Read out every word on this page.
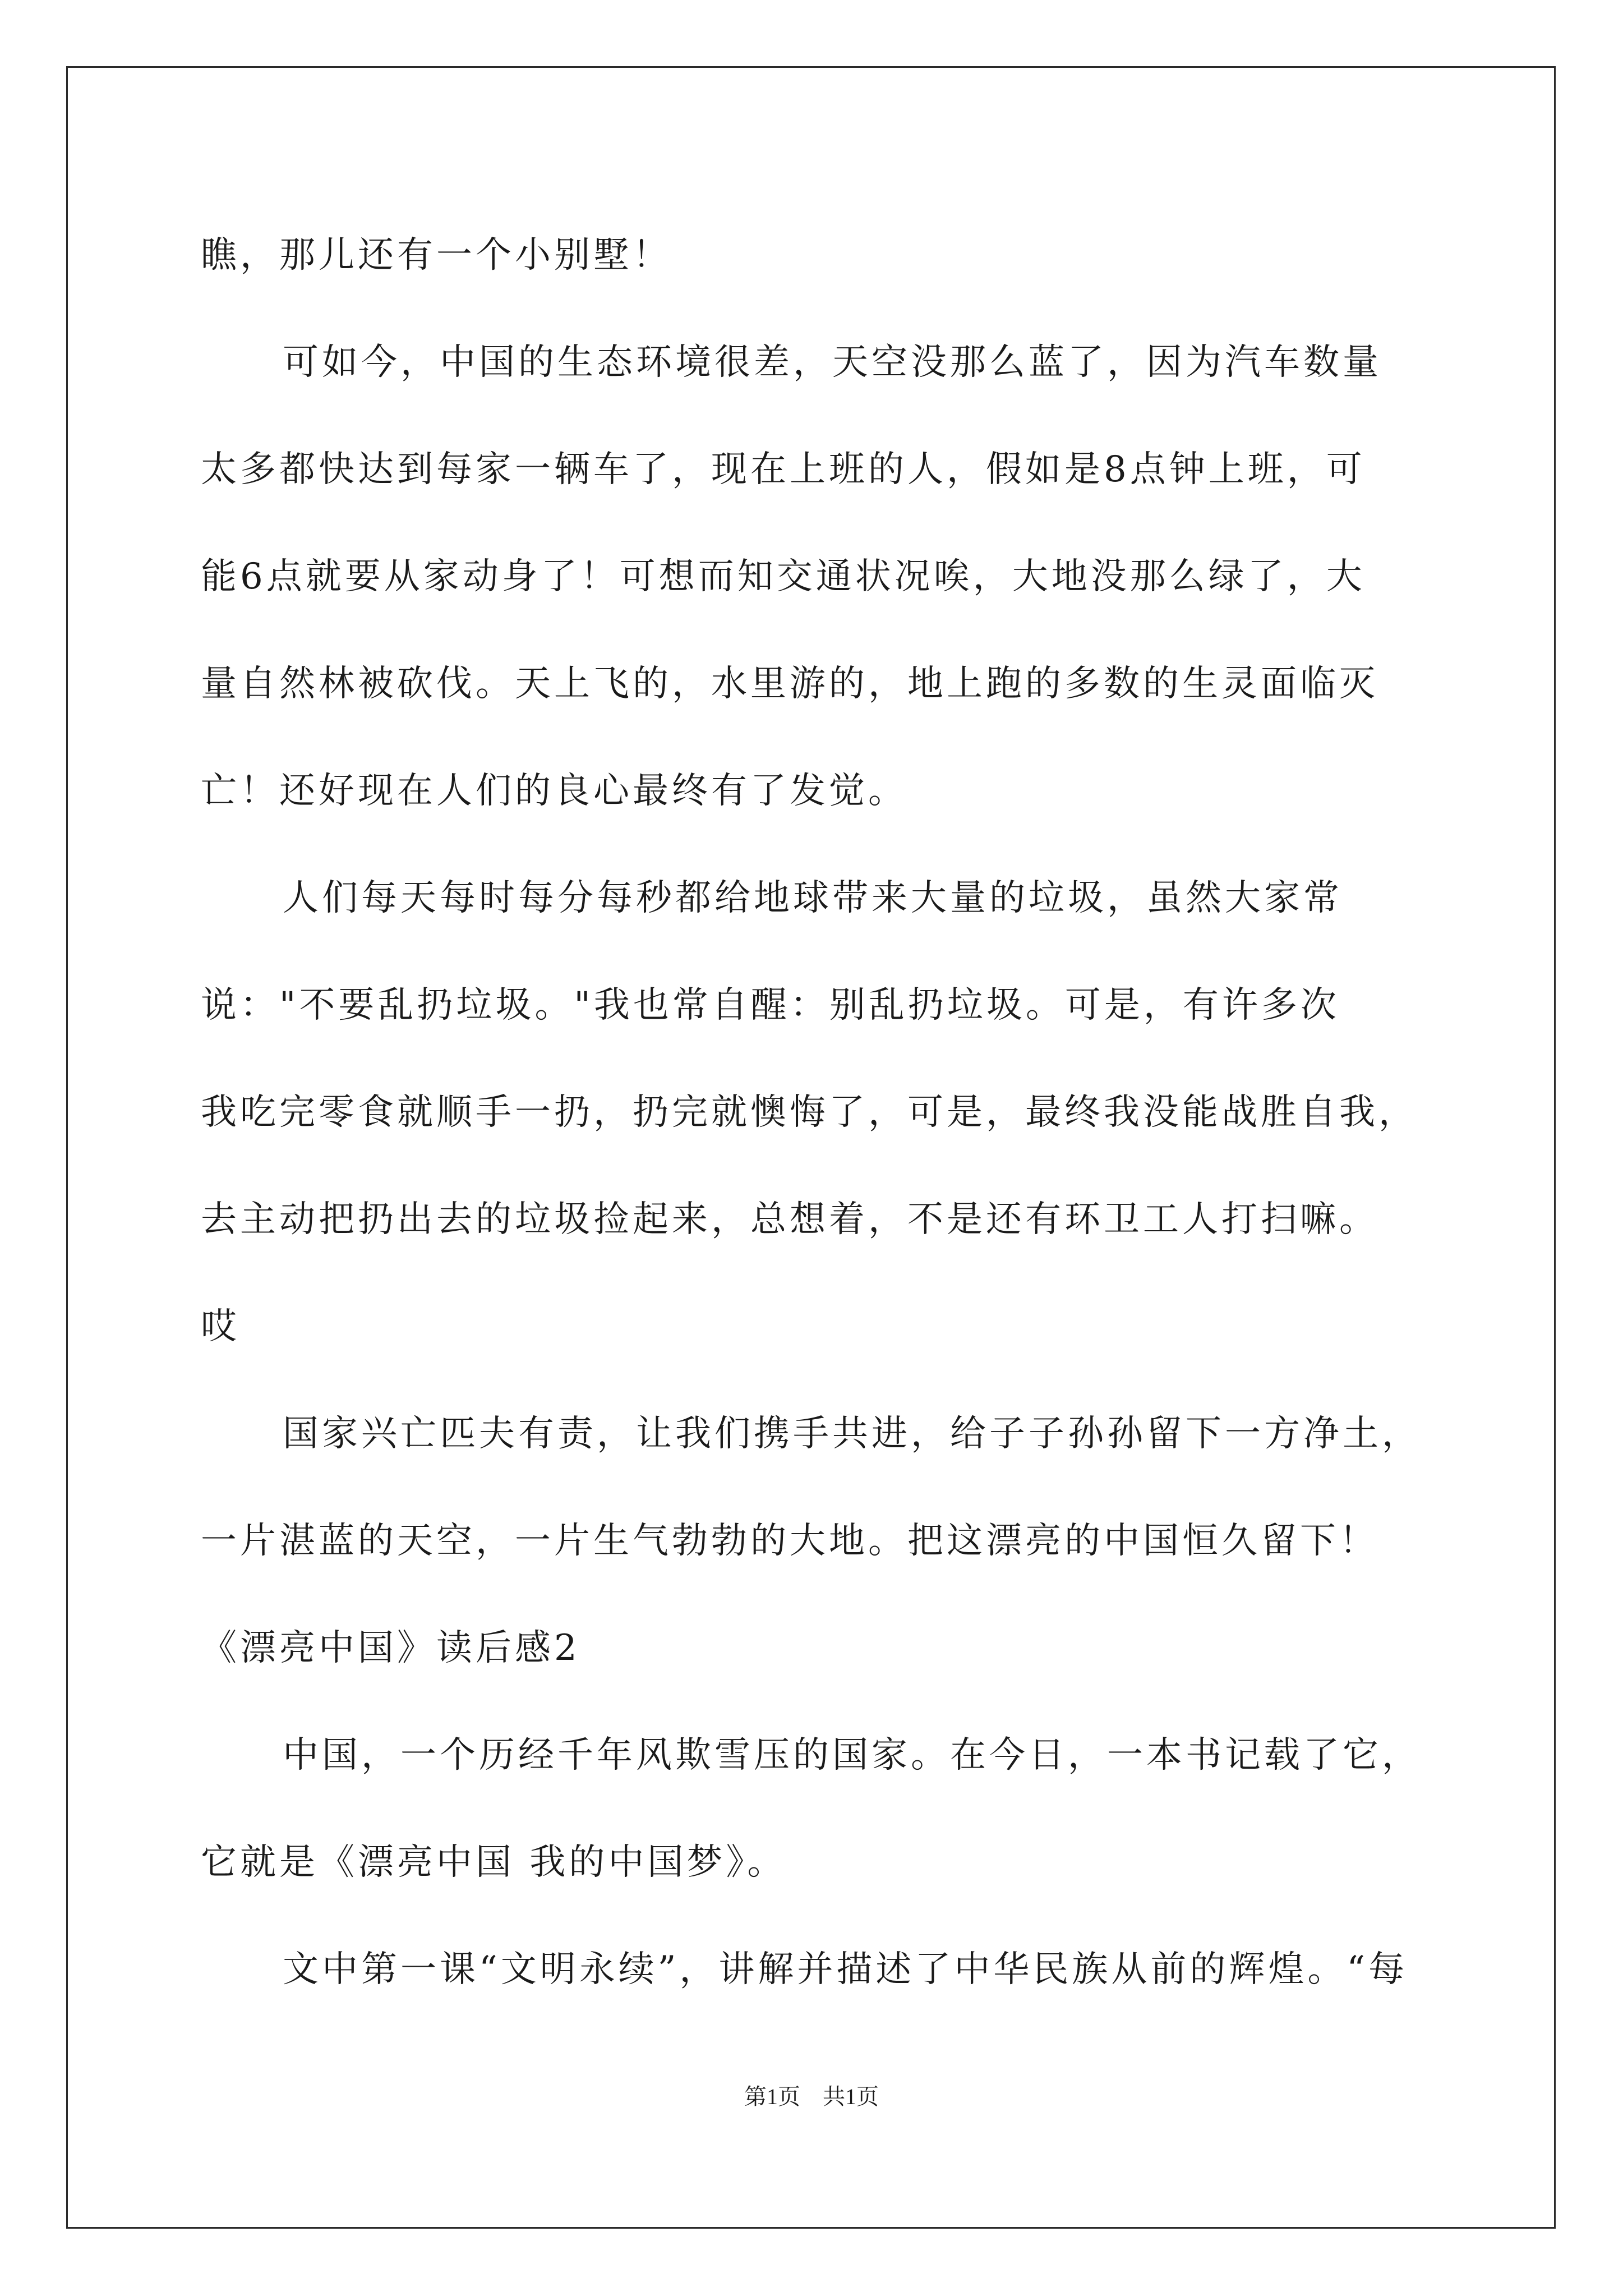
瞧，那儿还有一个小别墅！
可如今，中国的生态环境很差，天空没那么蓝了，因为汽车数量
太多都快达到每家一辆车了，现在上班的人，假如是8点钟上班，可
能6点就要从家动身了！可想而知交通状况唉，大地没那么绿了，大
量自然林被砍伐。天上飞的，水里游的，地上跑的多数的生灵面临灭
亡！还好现在人们的良心最终有了发觉。
人们每天每时每分每秒都给地球带来大量的垃圾，虽然大家常
说："不要乱扔垃圾。"我也常自醒：别乱扔垃圾。可是，有许多次
我吃完零食就顺手一扔，扔完就懊悔了，可是，最终我没能战胜自我，
去主动把扔出去的垃圾捡起来，总想着，不是还有环卫工人打扫嘛。
哎
国家兴亡匹夫有责，让我们携手共进，给子子孙孙留下一方净土，
一片湛蓝的天空，一片生气勃勃的大地。把这漂亮的中国恒久留下！
《漂亮中国》读后感2
中国，一个历经千年风欺雪压的国家。在今日，一本书记载了它，
它就是《漂亮中国 我的中国梦》。
文中第一课“文明永续”，讲解并描述了中华民族从前的辉煌。“每
第1页　共1页
